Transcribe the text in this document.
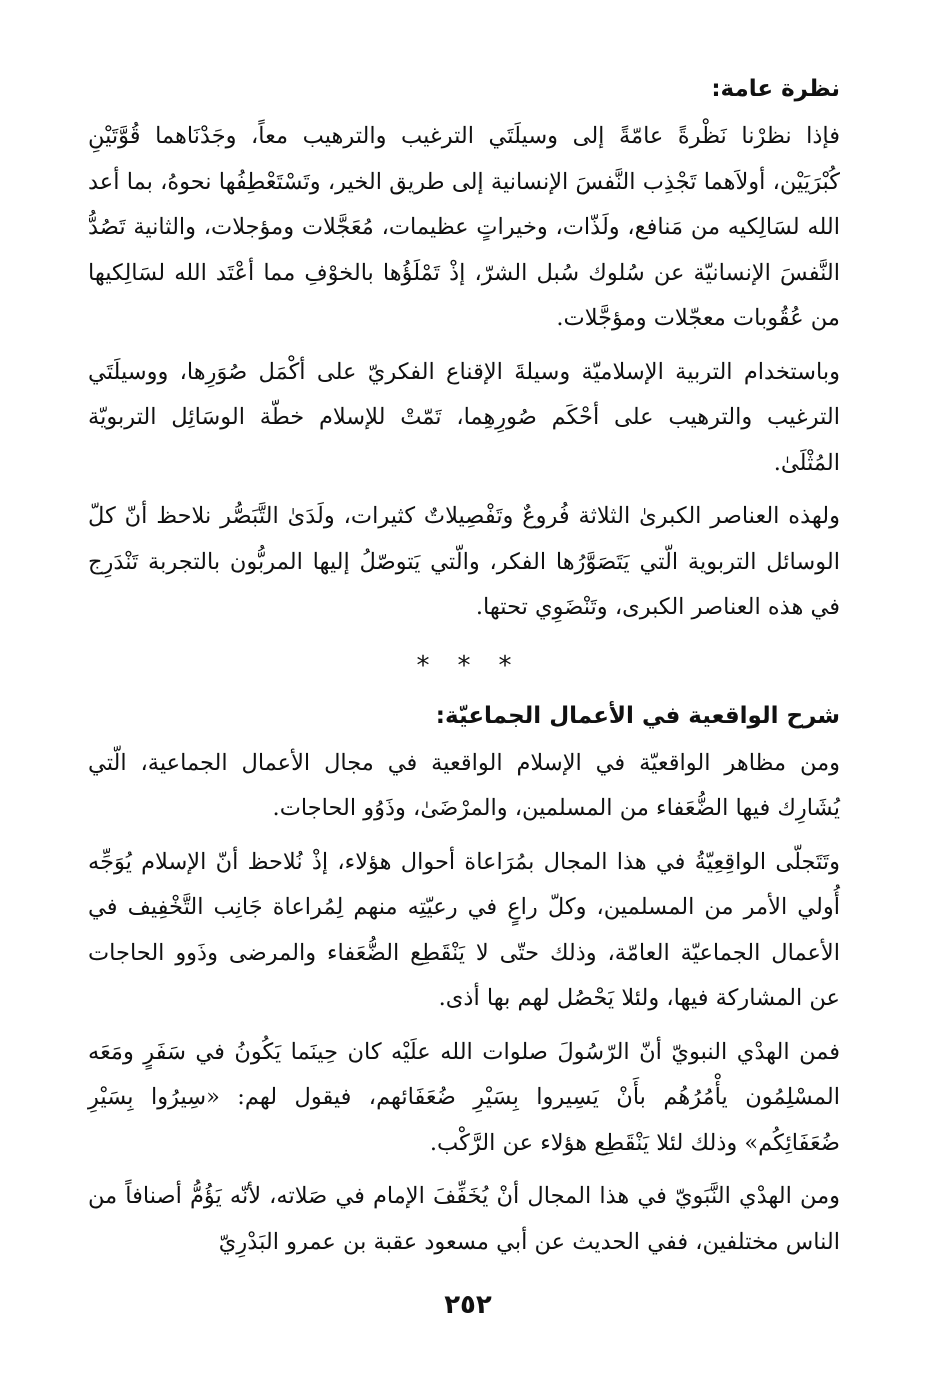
نظرة عامة:

فإذا نظرْنا نَظْرةً عامّةً إلى وسيلَتَي الترغيب والترهيب معاً، وجَدْنَاهما قُوَّتَيْنِ كُبْرَيَيْن، أولاَهما تَجْذِب النَّفسَ الإنسانية إلى طريق الخير، وتَسْتَعْطِفُها نحوهُ، بما أعد الله لسَالِكيه من مَنافع، ولَذّات، وخيراتٍ عظيمات، مُعَجَّلات ومؤجلات، والثانية تَصُدُّ النَّفسَ الإنسانيّة عن سُلوك سُبل الشرّ، إذْ تَمْلَؤُها بالخوْفِ مما أعْتَد الله لسَالِكيها من عُقُوبات معجّلات ومؤجَّلات.

وباستخدام التربية الإسلاميّة وسيلةَ الإقناع الفكريّ على أكْمَل صُوَرِها، ووسيلَتَي الترغيب والترهيب على أحْكَم صُورِهِما، تَمّتْ للإسلام خطّة الوسَائِل التربويّة المُثْلَىٰ.

ولهذه العناصر الكبرىٰ الثلاثة فُروعٌ وتَفْصِيلاتٌ كثيرات، ولَدَىٰ التَّبَصُّر نلاحظ أنّ كلّ الوسائل التربوية الّتي يَتَصَوَّرُها الفكر، والّتي يَتوصّلُ إليها المربُّون بالتجربة تَنْدَرِج في هذه العناصر الكبرى، وتَنْضَوِي تحتها.

*
*
*
شرح الواقعية في الأعمال الجماعيّة:

ومن مظاهر الواقعيّة في الإسلام الواقعية في مجال الأعمال الجماعية، الّتي يُشَارِك فيها الضُّعَفاء من المسلمين، والمرْضَىٰ، وذَوُو الحاجات.

وتَتَجلّى الواقِعِيّةُ في هذا المجال بمُرَاعاة أحوال هؤلاء، إذْ نُلاحظ أنّ الإسلام يُوَجِّه أُولي الأمر من المسلمين، وكلّ راعٍ في رعيّتِه منهم لِمُراعاة جَانِب التَّخْفِيف في الأعمال الجماعيّة العامّة، وذلك حتّى لا يَنْقَطِع الضُّعَفاء والمرضى وذَوو الحاجات عن المشاركة فيها، ولئلا يَحْصُل لهم بها أذى.

فمن الهدْي النبويّ أنّ الرّسُولَ صلوات الله علَيْه كان حِينَما يَكُونُ في سَفَرٍ ومَعَه المسْلِمُون يأْمُرُهُم بأَنْ يَسِيروا بِسَيْرِ ضُعَفَائهم، فيقول لهم: «سِيرُوا بِسَيْرِ ضُعَفَائِكُم» وذلك لئلا يَنْقَطِع هؤلاء عن الرَّكْب.

ومن الهدْي النَّبَويّ في هذا المجال أنْ يُخَفِّفَ الإمام في صَلاته، لأنّه يَؤُمُّ أصنافاً من الناس مختلفين، ففي الحديث عن أبي مسعود عقبة بن عمرو البَدْرِيّ

٢٥٢
